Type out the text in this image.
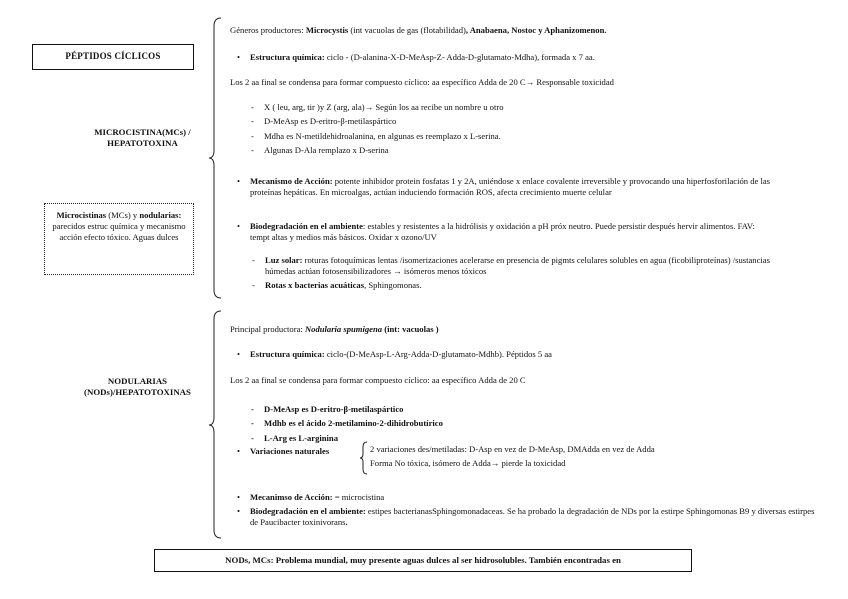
PÉPTIDOS CÍCLICOS
MICROCISTINA(MCs) /
HEPATOTOXINA
Microcistinas (MCs) y nodularias: parecidos estruc química y mecanismo acción efecto tóxico. Aguas dulces
NODULARIAS
(NODs)/HEPATOTOXINAS

Géneros productores: Microcystis (int vacuolas de gas (flotabilidad), Anabaena, Nostoc y Aphanizomenon.

• Estructura química: ciclo - (D-alanina-X-D-MeAsp-Z- Adda-D-glutamato-Mdha), formada x 7 aa.

Los 2 aa final se condensa para formar compuesto cíclico: aa específico Adda de 20 C→ Responsable toxicidad

- X ( leu, arg, tir )y Z (arg, ala)→ Según los aa recibe un nombre u otro

- D-MeAsp es D-eritro-β-metilaspártico

- Mdha es N-metildehidroalanina, en algunas es reemplazo x L-serina.

- Algunas D-Ala remplazo x D-serina

• Mecanismo de Acción: potente inhibidor protein fosfatas 1 y 2A, uniéndose x enlace covalente irreversible y provocando una hiperfosforilación de las proteínas hepáticas. En microalgas, actúan induciendo formación ROS, afecta crecimiento muerte celular

• Biodegradación en el ambiente: estables y resistentes a la hidrólisis y oxidación a pH próx neutro. Puede persistir después hervir alimentos. FAV: tempt altas y medios más básicos. Oxidar x ozono/UV

- Luz solar: roturas fotoquímicas lentas /isomerizaciones acelerarse en presencia de pigmts celulares solubles en agua (ficobiliproteínas) /sustancias húmedas actúan fotosensibilizadores → isómeros menos tóxicos

- Rotas x bacterias acuáticas, Sphingomonas.

Principal productora: Nodularia spumigena (int: vacuolas )

• Estructura química: ciclo-(D-MeAsp-L-Arg-Adda-D-glutamato-Mdhb). Péptidos 5 aa

Los 2 aa final se condensa para formar compuesto cíclico: aa específico Adda de 20 C

- D-MeAsp es D-eritro-β-metilaspártico

- Mdhb es el ácido 2-metilamino-2-dihidrobutírico

- L-Arg es L-arginina

• Variaciones naturales	2 variaciones des/metiladas: D-Asp en vez de D-MeAsp, DMAdda en vez de Adda

Forma No tóxica, isómero de Adda→ pierde la toxicidad

• Mecanimso de Acción: = microcistina

• Biodegradación en el ambiente: estipes bacterianasSphingomonadaceas. Se ha probado la degradación de NDs por la estirpe Sphingomonas B9 y diversas estirpes de Paucibacter toxinivorans.

NODs, MCs: Problema mundial, muy presente aguas dulces al ser hidrosolubles. También encontradas en
